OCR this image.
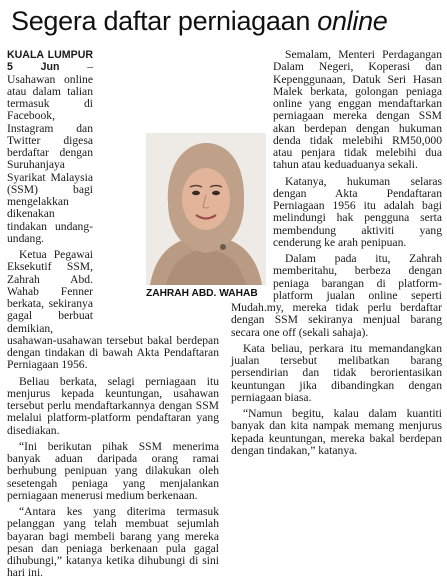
Segera daftar perniagaan online

KUALA LUMPUR 5 Jun – Usahawan online atau dalam talian termasuk di Facebook, Instagram dan Twitter digesa berdaftar dengan Suruhanjaya Syarikat Malaysia (SSM) bagi mengelakkan dikenakan tindakan undang-undang.

Ketua Pegawai Eksekutif SSM, Zahrah Abd. Wahab Fenner berkata, sekiranya gagal berbuat demikian, usahawan-usahawan tersebut bakal berdepan dengan tindakan di bawah Akta Pendaftaran Perniagaan 1956.

Beliau berkata, selagi perniagaan itu menjurus kepada keuntungan, usahawan tersebut perlu mendaftarkannya dengan SSM melalui platform-platform pendaftaran yang disediakan.

“Ini berikutan pihak SSM menerima banyak aduan daripada orang ramai berhubung penipuan yang dilakukan oleh sesetengah peniaga yang menjalankan perniagaan menerusi medium berkenaan.

“Antara kes yang diterima termasuk pelanggan yang telah membuat sejumlah bayaran bagi membeli barang yang mereka pesan dan peniaga berkenaan pula gagal dihubungi,” katanya ketika dihubungi di sini hari ini.

Semalam, Menteri Perdagangan Dalam Negeri, Koperasi dan Kepenggunaan, Datuk Seri Hasan Malek berkata, golongan peniaga online yang enggan mendaftarkan perniagaan mereka dengan SSM akan berdepan dengan hukuman denda tidak melebihi RM50,000 atau penjara tidak melebihi dua tahun atau keduaduanya sekali.

Katanya, hukuman selaras dengan Akta Pendaftaran Perniagaan 1956 itu adalah bagi melindungi hak pengguna serta membendung aktiviti yang cenderung ke arah penipuan.

Dalam pada itu, Zahrah memberitahu, berbeza dengan peniaga barangan di platform-platform jualan online seperti Mudah.my, mereka tidak perlu berdaftar dengan SSM sekiranya menjual barang secara one off (sekali sahaja).

Kata beliau, perkara itu memandangkan jualan tersebut melibatkan barang persendirian dan tidak berorientasikan keuntungan jika dibandingkan dengan perniagaan biasa.

“Namun begitu, kalau dalam kuantiti banyak dan kita nampak memang menjurus kepada keuntungan, mereka bakal berdepan dengan tindakan,” katanya.

ZAHRAH ABD. WAHAB
